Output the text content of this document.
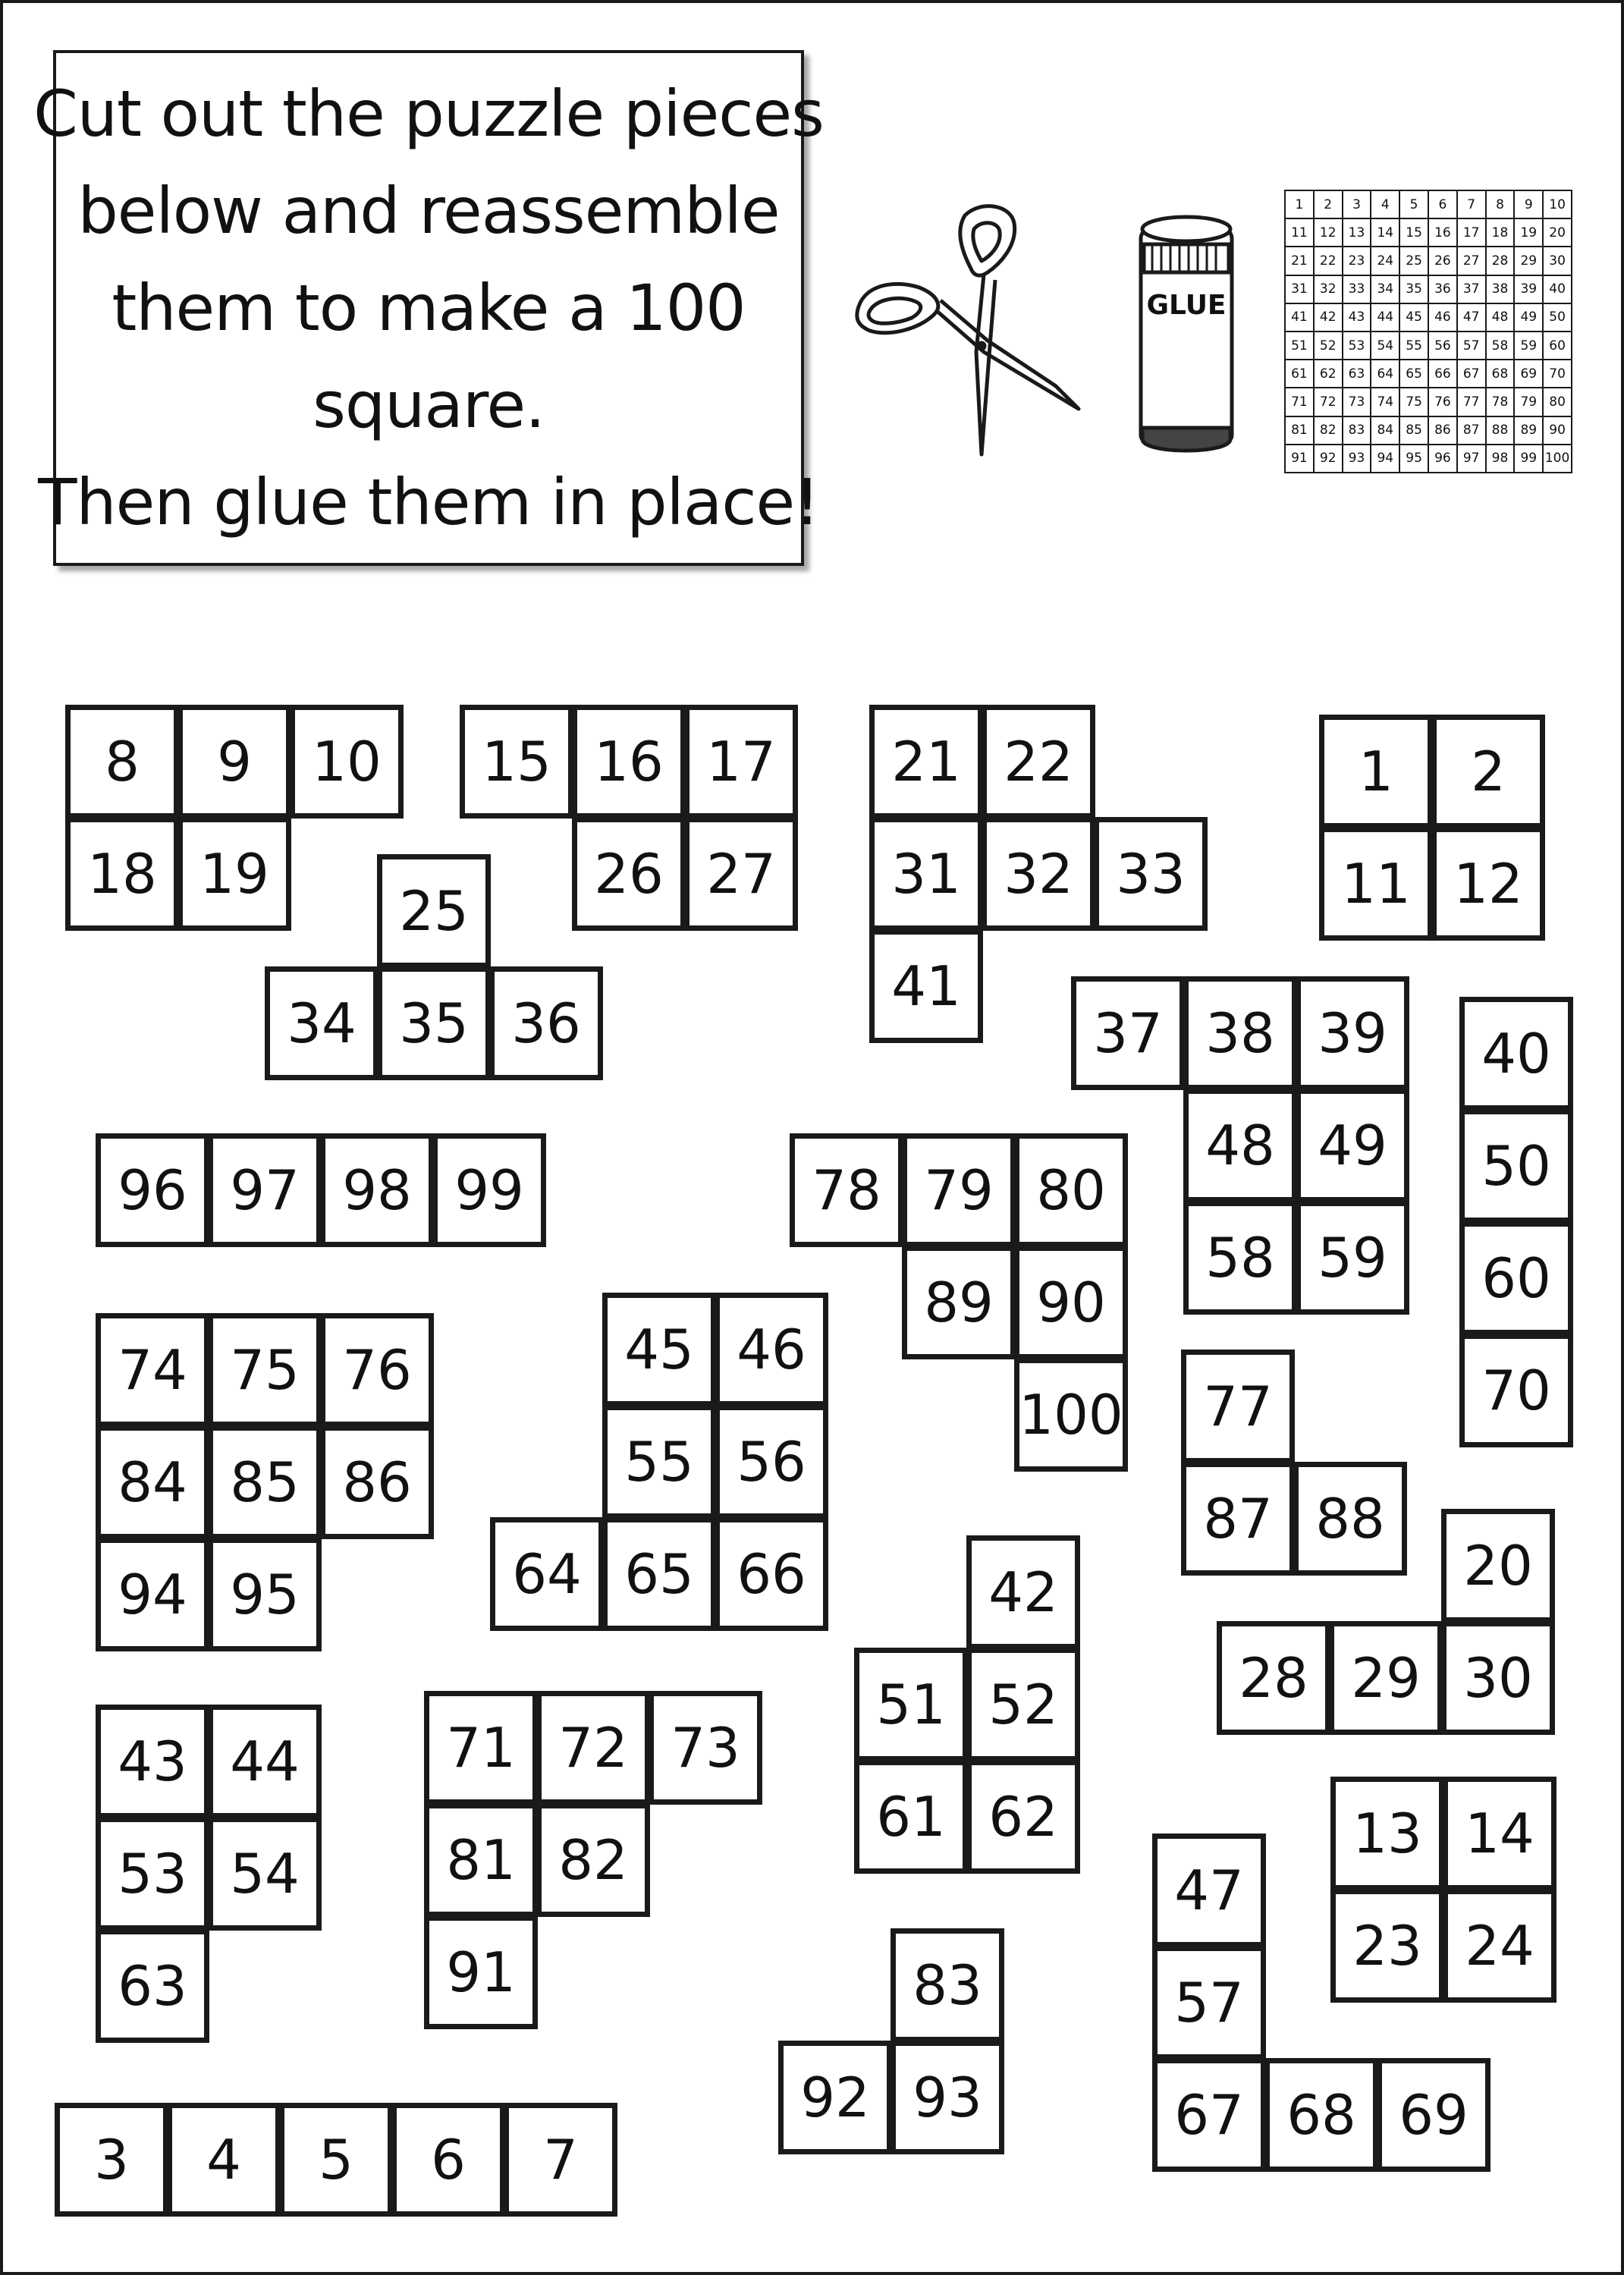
Cut out the puzzle pieces
below and reassemble
them to make a 100
square.
Then glue them in place!
GLUE
1	2	3	4	5	6	7	8	9	10
11	12	13	14	15	16	17	18	19	20
21	22	23	24	25	26	27	28	29	30
31	32	33	34	35	36	37	38	39	40
41	42	43	44	45	46	47	48	49	50
51	52	53	54	55	56	57	58	59	60
61	62	63	64	65	66	67	68	69	70
71	72	73	74	75	76	77	78	79	80
81	82	83	84	85	86	87	88	89	90
91	92	93	94	95	96	97	98	99	100
8	9	10
18 19
15 16 17
26 27
21 22
31 32 33
41
1	2
11 12
25
34 35 36	37 38 39
48 49
58 59
40
50
60
70
96 97 98 99	78 79 80
89 90
100
74 75 76
84 85 86
94 95
45 46
55 56
64 65 66
77
87 88
20
28 29 30
42
51 52
61 62
43 44
53 54
63
71 72 73
81 82
91
13 14
23 24
47
57
67 68 69
83
92 93
3	4	5	6	7
